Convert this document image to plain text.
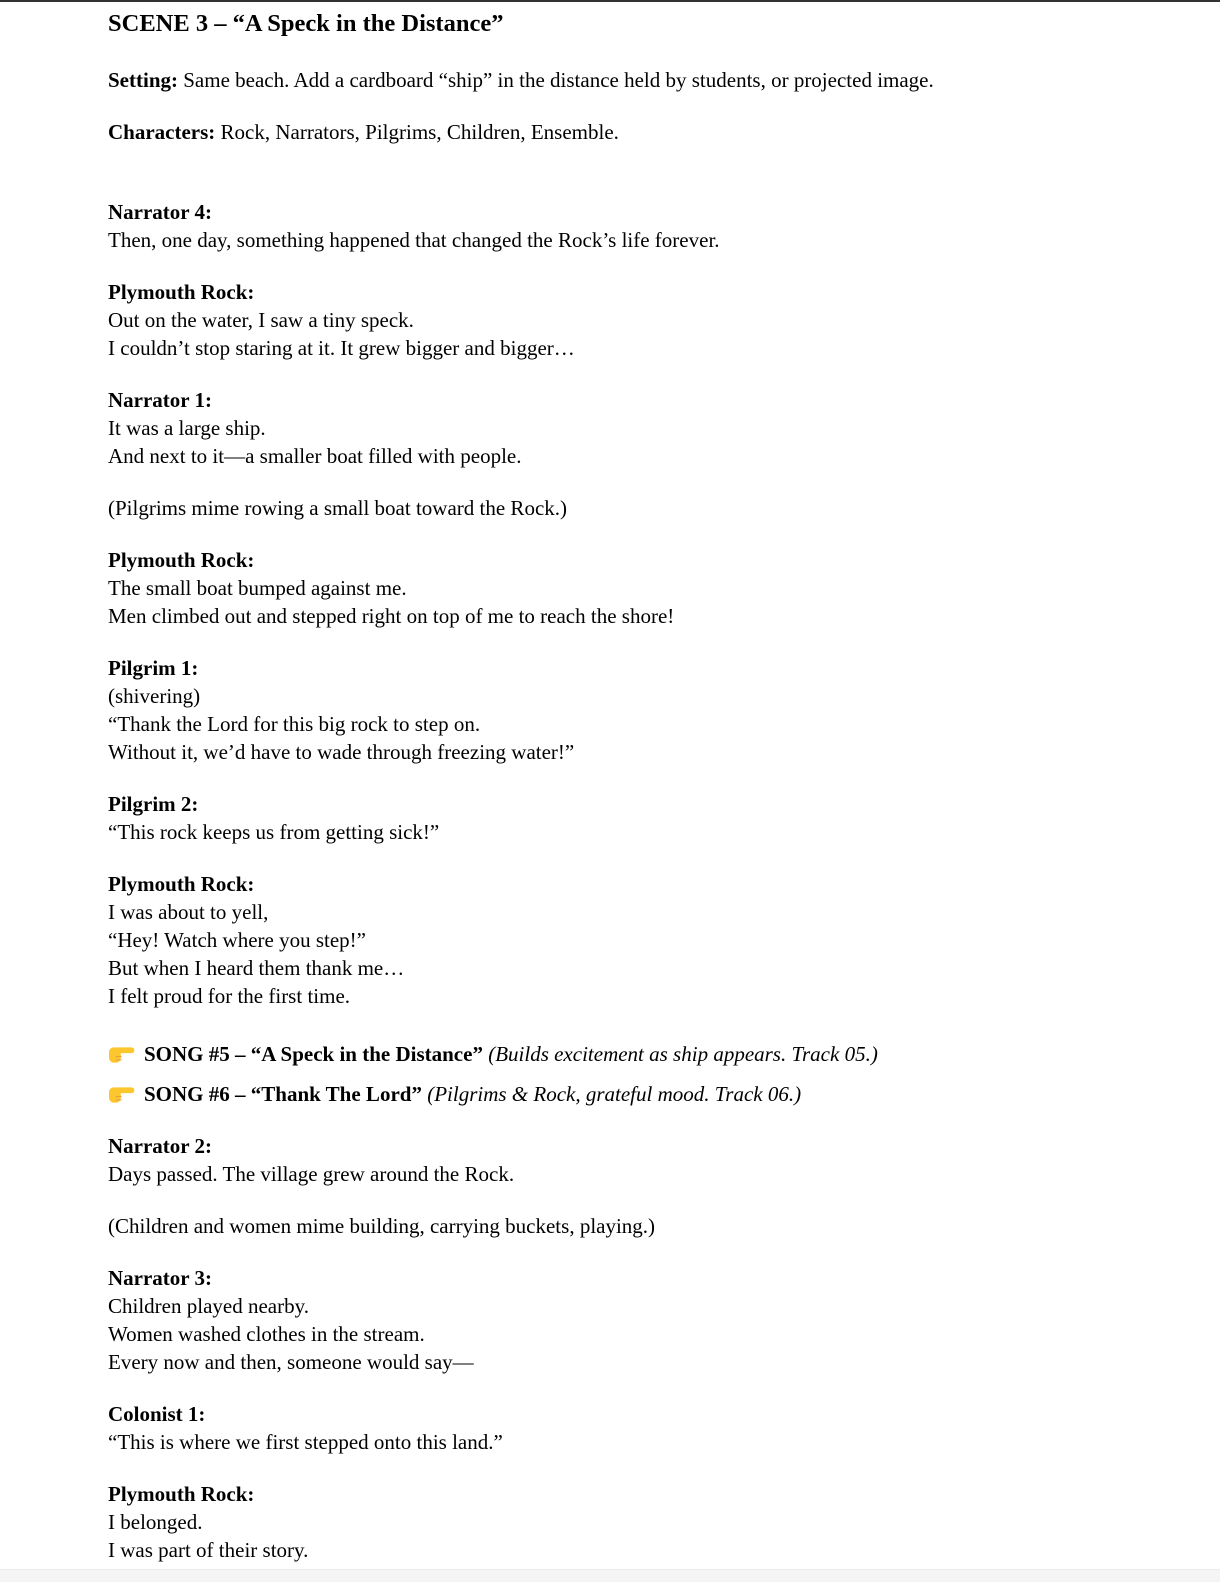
SCENE 3 – “A Speck in the Distance”

Setting: Same beach. Add a cardboard “ship” in the distance held by students, or projected image.

Characters: Rock, Narrators, Pilgrims, Children, Ensemble.

Narrator 4:
Then, one day, something happened that changed the Rock’s life forever.
Plymouth Rock:
Out on the water, I saw a tiny speck.
I couldn’t stop staring at it. It grew bigger and bigger…
Narrator 1:
It was a large ship.
And next to it—a smaller boat filled with people.
(Pilgrims mime rowing a small boat toward the Rock.)
Plymouth Rock:
The small boat bumped against me.
Men climbed out and stepped right on top of me to reach the shore!
Pilgrim 1:
(shivering)
“Thank the Lord for this big rock to step on.
Without it, we’d have to wade through freezing water!”
Pilgrim 2:
“This rock keeps us from getting sick!”
Plymouth Rock:
I was about to yell,
“Hey! Watch where you step!”
But when I heard them thank me…
I felt proud for the first time.
SONG #5 – “A Speck in the Distance” (Builds excitement as ship appears. Track 05.)
SONG #6 – “Thank The Lord” (Pilgrims & Rock, grateful mood. Track 06.)
Narrator 2:
Days passed. The village grew around the Rock.
(Children and women mime building, carrying buckets, playing.)
Narrator 3:
Children played nearby.
Women washed clothes in the stream.
Every now and then, someone would say—
Colonist 1:
“This is where we first stepped onto this land.”
Plymouth Rock:
I belonged.
I was part of their story.
